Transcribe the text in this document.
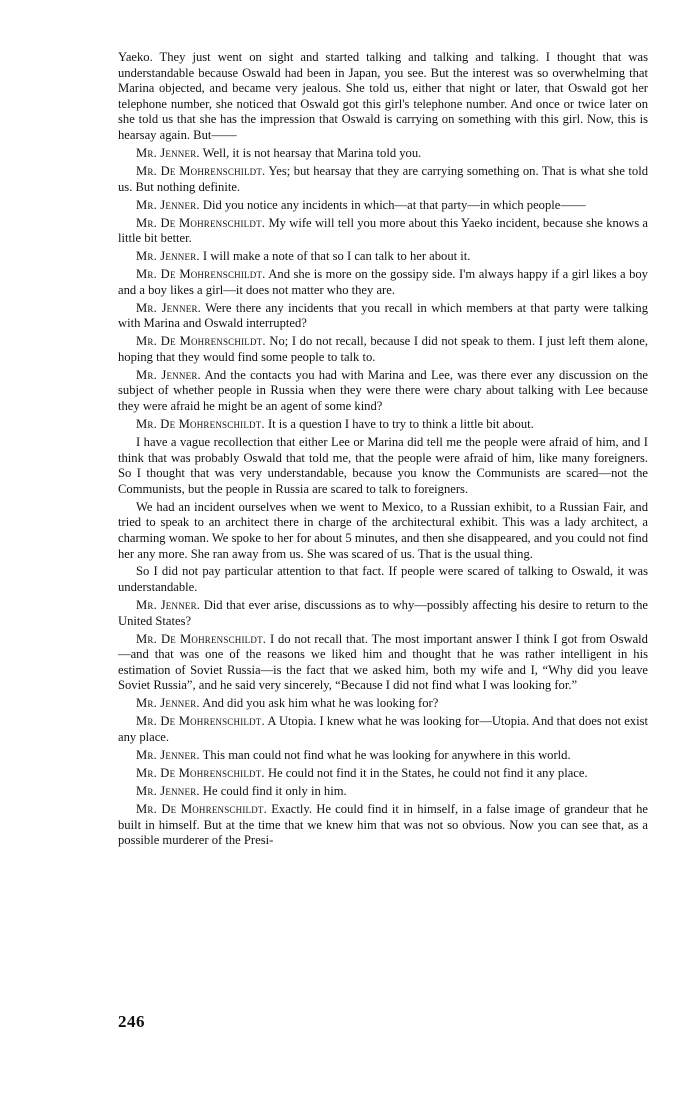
Yaeko. They just went on sight and started talking and talking and talking. I thought that was understandable because Oswald had been in Japan, you see. But the interest was so overwhelming that Marina objected, and became very jealous. She told us, either that night or later, that Oswald got her telephone number, she noticed that Oswald got this girl's telephone number. And once or twice later on she told us that she has the impression that Oswald is carrying on something with this girl. Now, this is hearsay again. But——

Mr. Jenner. Well, it is not hearsay that Marina told you.

Mr. De Mohrenschildt. Yes; but hearsay that they are carrying something on. That is what she told us. But nothing definite.

Mr. Jenner. Did you notice any incidents in which—at that party—in which people——

Mr. De Mohrenschildt. My wife will tell you more about this Yaeko incident, because she knows a little bit better.

Mr. Jenner. I will make a note of that so I can talk to her about it.

Mr. De Mohrenschildt. And she is more on the gossipy side. I'm always happy if a girl likes a boy and a boy likes a girl—it does not matter who they are.

Mr. Jenner. Were there any incidents that you recall in which members at that party were talking with Marina and Oswald interrupted?

Mr. De Mohrenschildt. No; I do not recall, because I did not speak to them. I just left them alone, hoping that they would find some people to talk to.

Mr. Jenner. And the contacts you had with Marina and Lee, was there ever any discussion on the subject of whether people in Russia when they were there were chary about talking with Lee because they were afraid he might be an agent of some kind?

Mr. De Mohrenschildt. It is a question I have to try to think a little bit about.

I have a vague recollection that either Lee or Marina did tell me the people were afraid of him, and I think that was probably Oswald that told me, that the people were afraid of him, like many foreigners. So I thought that was very understandable, because you know the Communists are scared—not the Communists, but the people in Russia are scared to talk to foreigners.

We had an incident ourselves when we went to Mexico, to a Russian exhibit, to a Russian Fair, and tried to speak to an architect there in charge of the architectural exhibit. This was a lady architect, a charming woman. We spoke to her for about 5 minutes, and then she disappeared, and you could not find her any more. She ran away from us. She was scared of us. That is the usual thing.

So I did not pay particular attention to that fact. If people were scared of talking to Oswald, it was understandable.

Mr. Jenner. Did that ever arise, discussions as to why—possibly affecting his desire to return to the United States?

Mr. De Mohrenschildt. I do not recall that. The most important answer I think I got from Oswald—and that was one of the reasons we liked him and thought that he was rather intelligent in his estimation of Soviet Russia—is the fact that we asked him, both my wife and I, “Why did you leave Soviet Russia”, and he said very sincerely, “Because I did not find what I was looking for.”

Mr. Jenner. And did you ask him what he was looking for?

Mr. De Mohrenschildt. A Utopia. I knew what he was looking for—Utopia. And that does not exist any place.

Mr. Jenner. This man could not find what he was looking for anywhere in this world.

Mr. De Mohrenschildt. He could not find it in the States, he could not find it any place.

Mr. Jenner. He could find it only in him.

Mr. De Mohrenschildt. Exactly. He could find it in himself, in a false image of grandeur that he built in himself. But at the time that we knew him that was not so obvious. Now you can see that, as a possible murderer of the Presi-

246
